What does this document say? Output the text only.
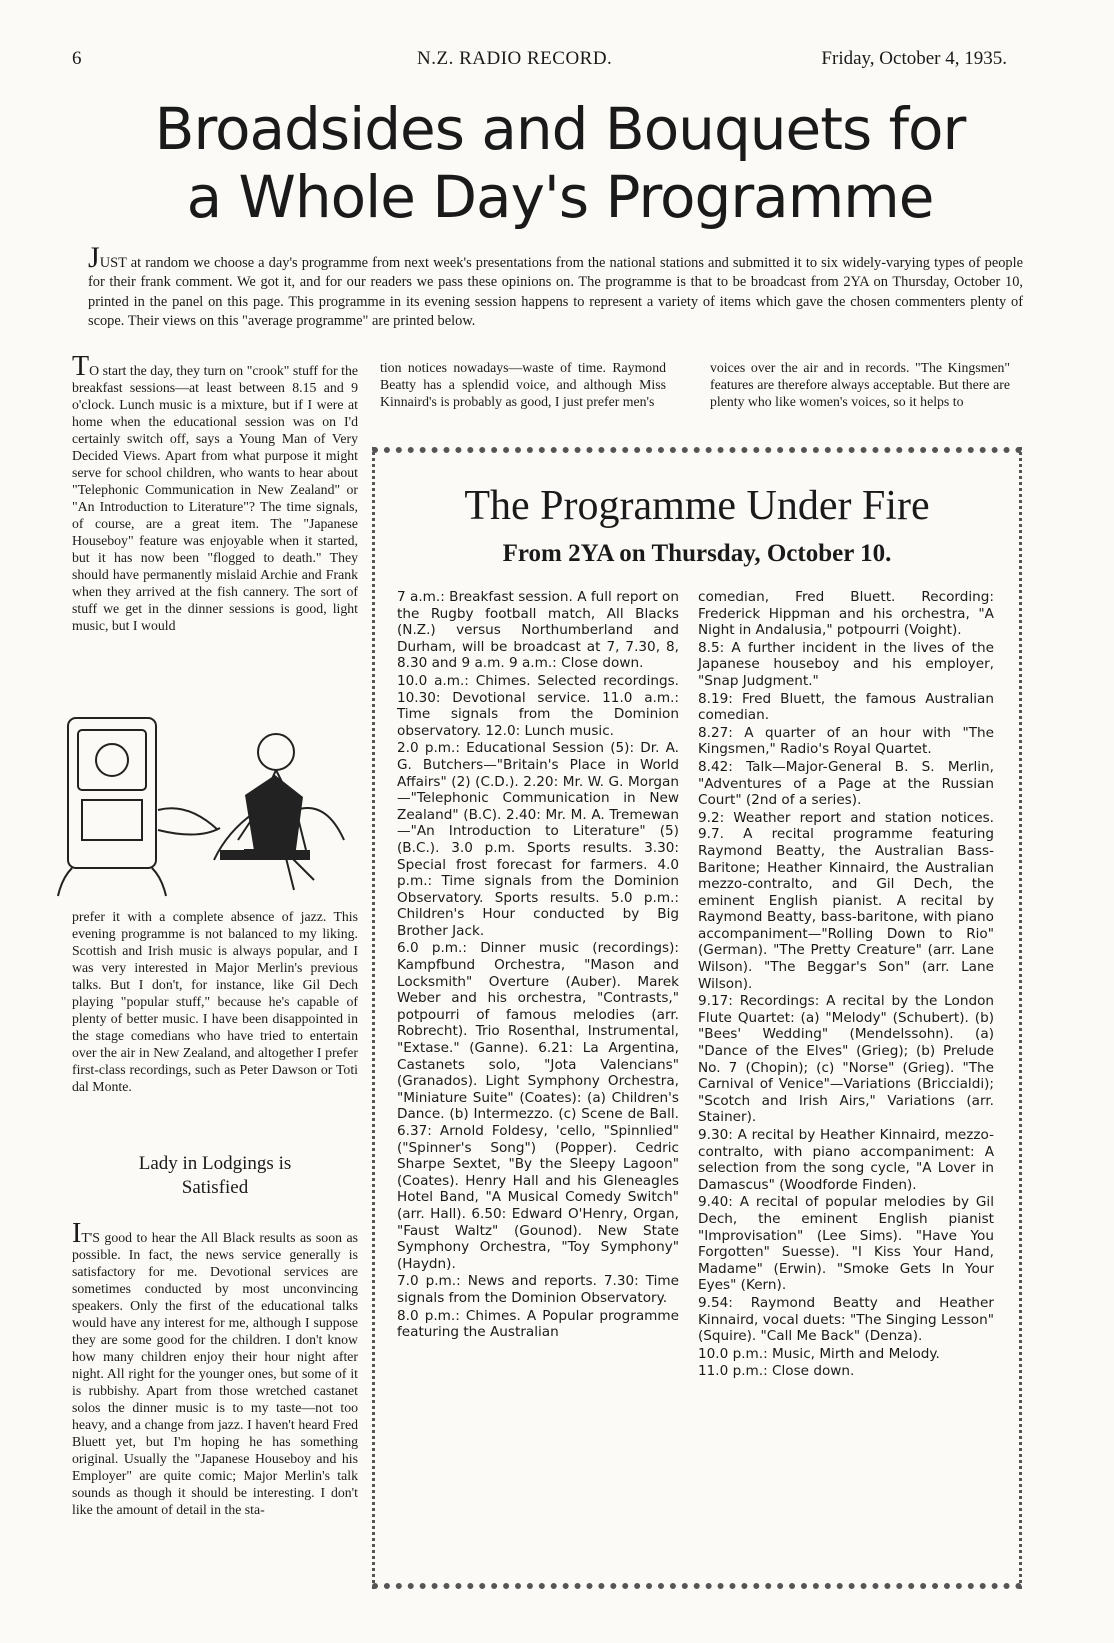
6	N.Z. RADIO RECORD.	Friday, October 4, 1935.
Broadsides and Bouquets for
a Whole Day's Programme
JUST at random we choose a day's programme from next week's presentations from the national stations and submitted it to six widely-varying types of people for their frank comment. We got it, and for our readers we pass these opinions on. The programme is that to be broadcast from 2YA on Thursday, October 10, printed in the panel on this page. This programme in its evening session happens to represent a variety of items which gave the chosen commenters plenty of scope. Their views on this "average programme" are printed below.

TO start the day, they turn on "crook" stuff for the breakfast sessions—at least between 8.15 and 9 o'clock. Lunch music is a mixture, but if I were at home when the educational session was on I'd certainly switch off, says a Young Man of Very Decided Views. Apart from what purpose it might serve for school children, who wants to hear about "Telephonic Communication in New Zealand" or "An Introduction to Literature"? The time signals, of course, are a great item. The "Japanese Houseboy" feature was enjoyable when it started, but it has now been "flogged to death." They should have permanently mislaid Archie and Frank when they arrived at the fish cannery. The sort of stuff we get in the dinner sessions is good, light music, but I would

prefer it with a complete absence of jazz. This evening programme is not balanced to my liking. Scottish and Irish music is always popular, and I was very interested in Major Merlin's previous talks. But I don't, for instance, like Gil Dech playing "popular stuff," because he's capable of plenty of better music. I have been disappointed in the stage comedians who have tried to entertain over the air in New Zealand, and altogether I prefer first-class recordings, such as Peter Dawson or Toti dal Monte.

Lady in Lodgings is
Satisfied

IT'S good to hear the All Black results as soon as possible. In fact, the news service generally is satisfactory for me. Devotional services are sometimes conducted by most unconvincing speakers. Only the first of the educational talks would have any interest for me, although I suppose they are some good for the children. I don't know how many children enjoy their hour night after night. All right for the younger ones, but some of it is rubbishy. Apart from those wretched castanet solos the dinner music is to my taste—not too heavy, and a change from jazz. I haven't heard Fred Bluett yet, but I'm hoping he has something original. Usually the "Japanese Houseboy and his Employer" are quite comic; Major Merlin's talk sounds as though it should be interesting. I don't like the amount of detail in the sta-

tion notices nowadays—waste of time. Raymond Beatty has a splendid voice, and although Miss Kinnaird's is probably as good, I just prefer men's

voices over the air and in records. "The Kingsmen" features are therefore always acceptable. But there are plenty who like women's voices, so it helps to

The Programme Under Fire
From 2YA on Thursday, October 10.

7 a.m.: Breakfast session. A full report on the Rugby football match, All Blacks (N.Z.) versus Northumberland and Durham, will be broadcast at 7, 7.30, 8, 8.30 and 9 a.m. 9 a.m.: Close down.

10.0 a.m.: Chimes. Selected recordings. 10.30: Devotional service. 11.0 a.m.: Time signals from the Dominion observatory. 12.0: Lunch music.

2.0 p.m.: Educational Session (5): Dr. A. G. Butchers—"Britain's Place in World Affairs" (2) (C.D.). 2.20: Mr. W. G. Morgan—"Telephonic Communication in New Zealand" (B.C). 2.40: Mr. M. A. Tremewan—"An Introduction to Literature" (5) (B.C.). 3.0 p.m. Sports results. 3.30: Special frost forecast for farmers. 4.0 p.m.: Time signals from the Dominion Observatory. Sports results. 5.0 p.m.: Children's Hour conducted by Big Brother Jack.

6.0 p.m.: Dinner music (recordings): Kampfbund Orchestra, "Mason and Locksmith" Overture (Auber). Marek Weber and his orchestra, "Contrasts," potpourri of famous melodies (arr. Robrecht). Trio Rosenthal, Instrumental, "Extase." (Ganne). 6.21: La Argentina, Castanets solo, "Jota Valencians" (Granados). Light Symphony Orchestra, "Miniature Suite" (Coates): (a) Children's Dance. (b) Intermezzo. (c) Scene de Ball. 6.37: Arnold Foldesy, 'cello, "Spinnlied" ("Spinner's Song") (Popper). Cedric Sharpe Sextet, "By the Sleepy Lagoon" (Coates). Henry Hall and his Gleneagles Hotel Band, "A Musical Comedy Switch" (arr. Hall). 6.50: Edward O'Henry, Organ, "Faust Waltz" (Gounod). New State Symphony Orchestra, "Toy Symphony" (Haydn).

7.0 p.m.: News and reports. 7.30: Time signals from the Dominion Observatory.

8.0 p.m.: Chimes. A Popular programme featuring the Australian

comedian, Fred Bluett. Recording: Frederick Hippman and his orchestra, "A Night in Andalusia," potpourri (Voight).

8.5: A further incident in the lives of the Japanese houseboy and his employer, "Snap Judgment."

8.19: Fred Bluett, the famous Australian comedian.

8.27: A quarter of an hour with "The Kingsmen," Radio's Royal Quartet.

8.42: Talk—Major-General B. S. Merlin, "Adventures of a Page at the Russian Court" (2nd of a series).

9.2: Weather report and station notices. 9.7. A recital programme featuring Raymond Beatty, the Australian Bass-Baritone; Heather Kinnaird, the Australian mezzo-contralto, and Gil Dech, the eminent English pianist. A recital by Raymond Beatty, bass-baritone, with piano accompaniment—"Rolling Down to Rio" (German). "The Pretty Creature" (arr. Lane Wilson). "The Beggar's Son" (arr. Lane Wilson).

9.17: Recordings: A recital by the London Flute Quartet: (a) "Melody" (Schubert). (b) "Bees' Wedding" (Mendelssohn). (a) "Dance of the Elves" (Grieg); (b) Prelude No. 7 (Chopin); (c) "Norse" (Grieg). "The Carnival of Venice"—Variations (Briccialdi); "Scotch and Irish Airs," Variations (arr. Stainer).

9.30: A recital by Heather Kinnaird, mezzo-contralto, with piano accompaniment: A selection from the song cycle, "A Lover in Damascus" (Woodforde Finden).

9.40: A recital of popular melodies by Gil Dech, the eminent English pianist "Improvisation" (Lee Sims). "Have You Forgotten" Suesse). "I Kiss Your Hand, Madame" (Erwin). "Smoke Gets In Your Eyes" (Kern).

9.54: Raymond Beatty and Heather Kinnaird, vocal duets: "The Singing Lesson" (Squire). "Call Me Back" (Denza).

10.0 p.m.: Music, Mirth and Melody.

11.0 p.m.: Close down.
